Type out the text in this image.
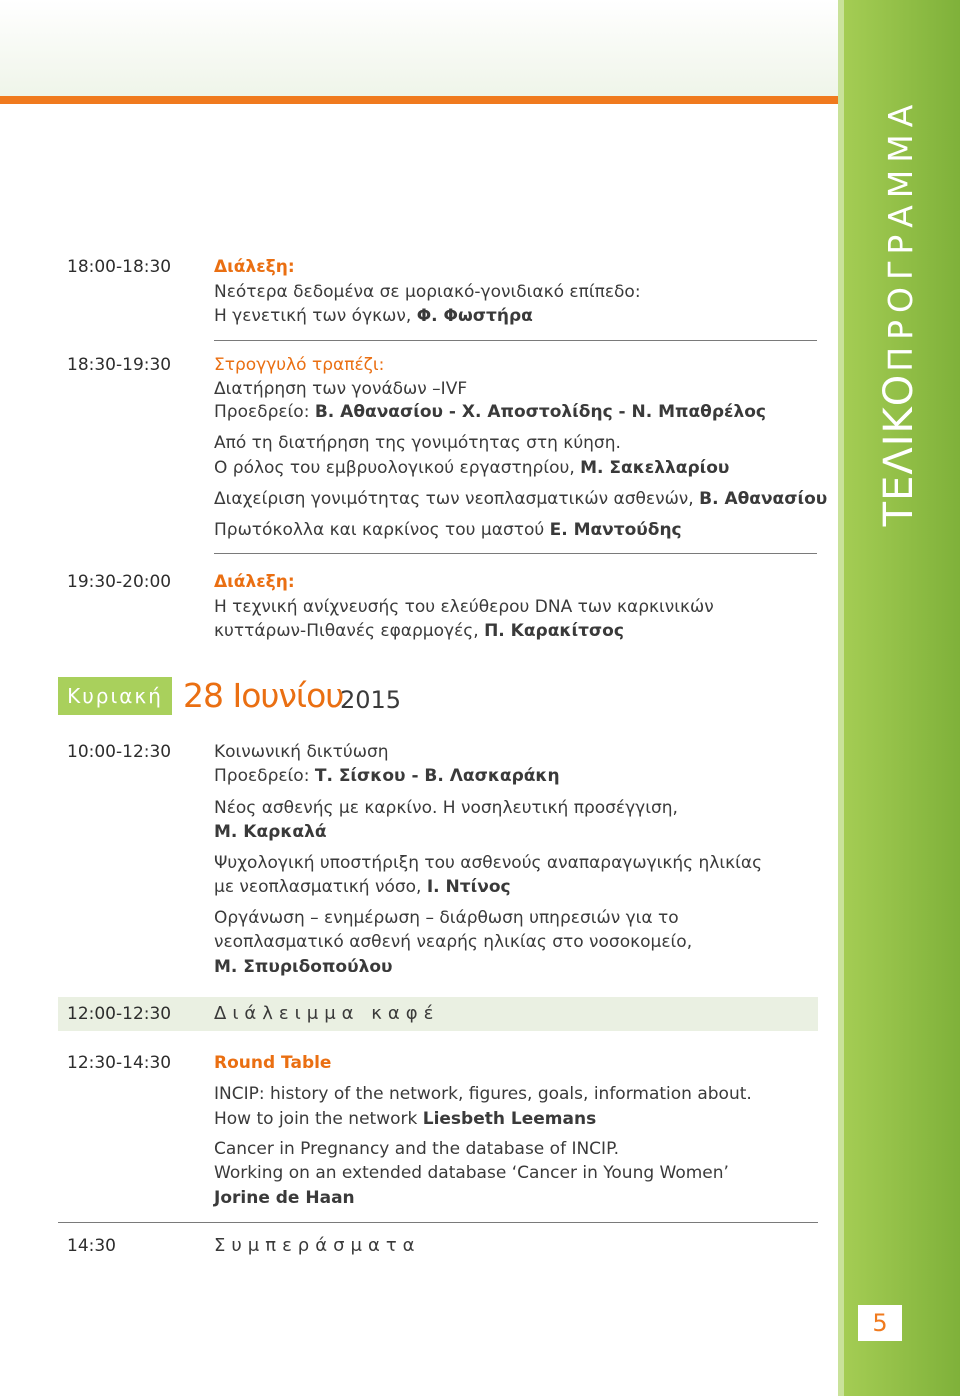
ΤΕΛΙΚΟΠΡΟΓΡΑΜΜΑ
5
18:00-18:30	Διάλεξη:
Νεότερα δεδομένα σε μοριακό-γονιδιακό επίπεδο:
Η γενετική των όγκων, Φ. Φωστήρα
18:30-19:30	Στρογγυλό τραπέζι:
Διατήρηση των γονάδων –IVF
Προεδρείο: Β. Αθανασίου - Χ. Αποστολίδης - Ν. Μπαθρέλος
Από τη διατήρηση της γονιμότητας στη κύηση.
Ο ρόλος του εμβρυολογικού εργαστηρίου, Μ. Σακελλαρίου
Διαχείριση γονιμότητας των νεοπλασματικών ασθενών, Β. Αθανασίου
Πρωτόκολλα και καρκίνος του μαστού Ε. Μαντούδης
19:30-20:00	Διάλεξη:
Η τεχνική ανίχνευσής του ελεύθερου DNA των καρκινικών
κυττάρων-Πιθανές εφαρμογές, Π. Καρακίτσος
Κυριακή 28 Ιουνίου
2015
10:00-12:30	Κοινωνική δικτύωση
Προεδρείο: Τ. Σίσκου - Β. Λασκαράκη
Νέος ασθενής με καρκίνο. Η νοσηλευτική προσέγγιση,
Μ. Καρκαλά
Ψυχολογική υποστήριξη του ασθενούς αναπαραγωγικής ηλικίας
με νεοπλασματική νόσο, Ι. Ντίνος
Οργάνωση – ενημέρωση – διάρθωση υπηρεσιών για το
νεοπλασματικό ασθενή νεαρής ηλικίας στο νοσοκομείο,
Μ. Σπυριδοπούλου
12:00-12:30 Διάλειμμα καφέ
12:30-14:30	Round Table
INCIP: history of the network, figures, goals, information about.
How to join the network Liesbeth Leemans
Cancer in Pregnancy and the database of INCIP.
Working on an extended database ‘Cancer in Young Women’
Jorine de Haan
14:30	Συμπεράσματα
